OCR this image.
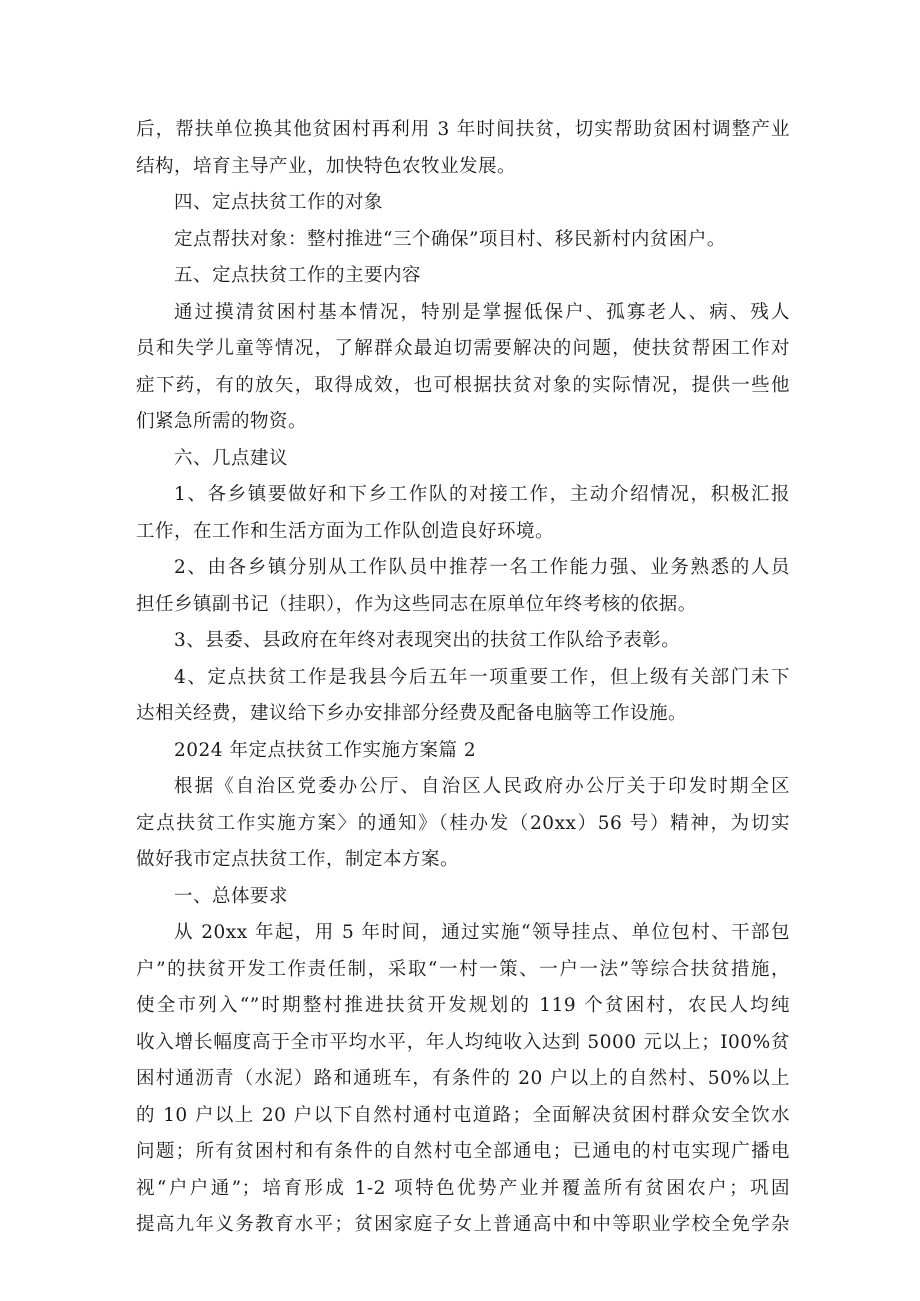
后，帮扶单位换其他贫困村再利用 3 年时间扶贫，切实帮助贫困村调整产业
结构，培育主导产业，加快特色农牧业发展。
四、定点扶贫工作的对象
定点帮扶对象：整村推进“三个确保”项目村、移民新村内贫困户。
五、定点扶贫工作的主要内容
通过摸清贫困村基本情况，特别是掌握低保户、孤寡老人、病、残人
员和失学儿童等情况，了解群众最迫切需要解决的问题，使扶贫帮困工作对
症下药，有的放矢，取得成效，也可根据扶贫对象的实际情况，提供一些他
们紧急所需的物资。
六、几点建议
1、各乡镇要做好和下乡工作队的对接工作，主动介绍情况，积极汇报
工作，在工作和生活方面为工作队创造良好环境。
2、由各乡镇分别从工作队员中推荐一名工作能力强、业务熟悉的人员
担任乡镇副书记（挂职），作为这些同志在原单位年终考核的依据。
3、县委、县政府在年终对表现突出的扶贫工作队给予表彰。
4、定点扶贫工作是我县今后五年一项重要工作，但上级有关部门未下
达相关经费，建议给下乡办安排部分经费及配备电脑等工作设施。
2024 年定点扶贫工作实施方案篇 2
根据《自治区党委办公厅、自治区人民政府办公厅关于印发时期全区
定点扶贫工作实施方案〉的通知》（桂办发（20xx）56 号）精神，为切实
做好我市定点扶贫工作，制定本方案。
一、总体要求
从 20xx 年起，用 5 年时间，通过实施“领导挂点、单位包村、干部包
户”的扶贫开发工作责任制，采取“一村一策、一户一法”等综合扶贫措施，
使全市列入“”时期整村推进扶贫开发规划的 119 个贫困村，农民人均纯
收入增长幅度高于全市平均水平，年人均纯收入达到 5000 元以上；I00%贫
困村通沥青（水泥）路和通班车，有条件的 20 户以上的自然村、50%以上
的 10 户以上 20 户以下自然村通村屯道路；全面解决贫困村群众安全饮水
问题；所有贫困村和有条件的自然村屯全部通电；已通电的村屯实现广播电
视“户户通”；培育形成 1-2 项特色优势产业并覆盖所有贫困农户；巩固
提高九年义务教育水平；贫困家庭子女上普通高中和中等职业学校全免学杂
